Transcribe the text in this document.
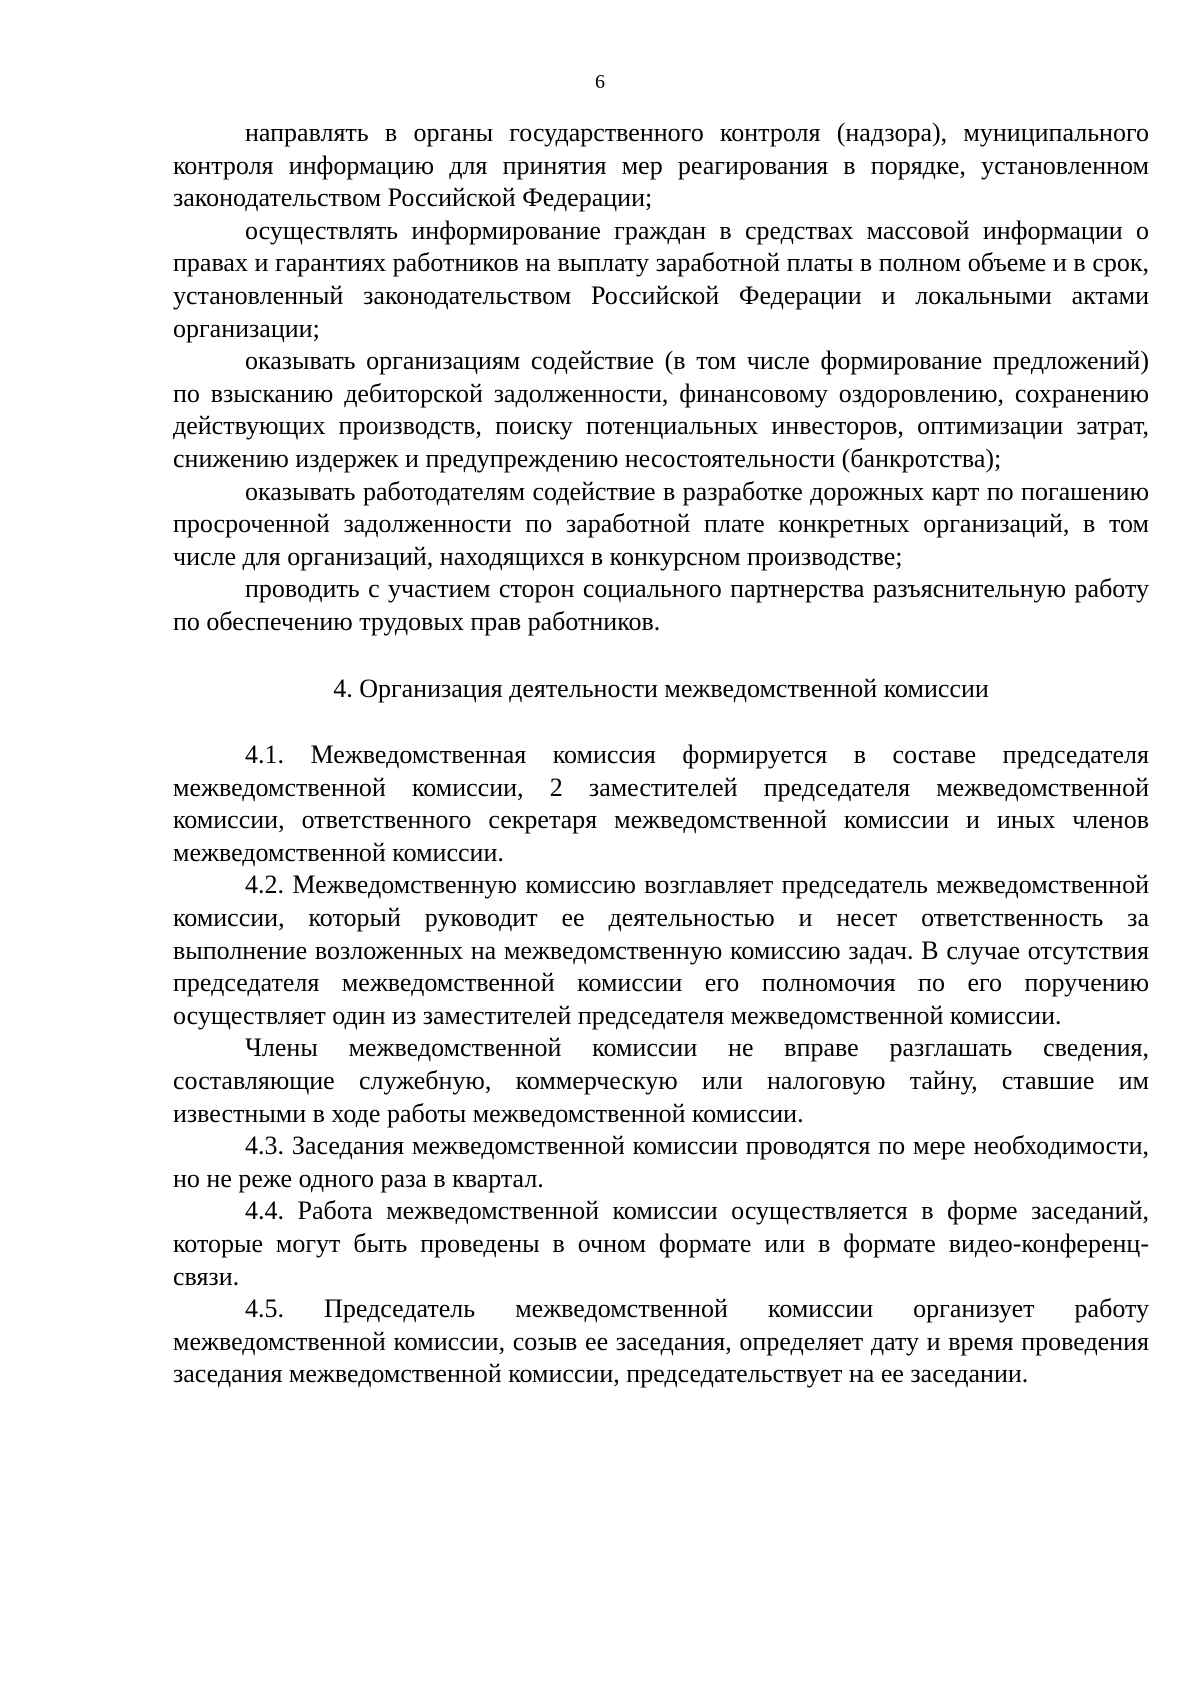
6

направлять в органы государственного контроля (надзора), муниципального контроля информацию для принятия мер реагирования в порядке, установленном законодательством Российской Федерации;

осуществлять информирование граждан в средствах массовой информации о правах и гарантиях работников на выплату заработной платы в полном объеме и в срок, установленный законодательством Российской Федерации и локальными актами организации;

оказывать организациям содействие (в том числе формирование предложений) по взысканию дебиторской задолженности, финансовому оздоровлению, сохранению действующих производств, поиску потенциальных инвесторов, оптимизации затрат, снижению издержек и предупреждению несостоятельности (банкротства);

оказывать работодателям содействие в разработке дорожных карт по погашению просроченной задолженности по заработной плате конкретных организаций, в том числе для организаций, находящихся в конкурсном производстве;

проводить с участием сторон социального партнерства разъяснительную работу по обеспечению трудовых прав работников.

4. Организация деятельности межведомственной комиссии

4.1. Межведомственная комиссия формируется в составе председателя межведомственной комиссии, 2 заместителей председателя межведомственной комиссии, ответственного секретаря межведомственной комиссии и иных членов межведомственной комиссии.

4.2. Межведомственную комиссию возглавляет председатель межведомственной комиссии, который руководит ее деятельностью и несет ответственность за выполнение возложенных на межведомственную комиссию задач. В случае отсутствия председателя межведомственной комиссии его полномочия по его поручению осуществляет один из заместителей председателя межведомственной комиссии.

Члены межведомственной комиссии не вправе разглашать сведения, составляющие служебную, коммерческую или налоговую тайну, ставшие им известными в ходе работы межведомственной комиссии.

4.3. Заседания межведомственной комиссии проводятся по мере необходимости, но не реже одного раза в квартал.

4.4. Работа межведомственной комиссии осуществляется в форме заседаний, которые могут быть проведены в очном формате или в формате видео-конференц-связи.

4.5. Председатель межведомственной комиссии организует работу межведомственной комиссии, созыв ее заседания, определяет дату и время проведения заседания межведомственной комиссии, председательствует на ее заседании.
